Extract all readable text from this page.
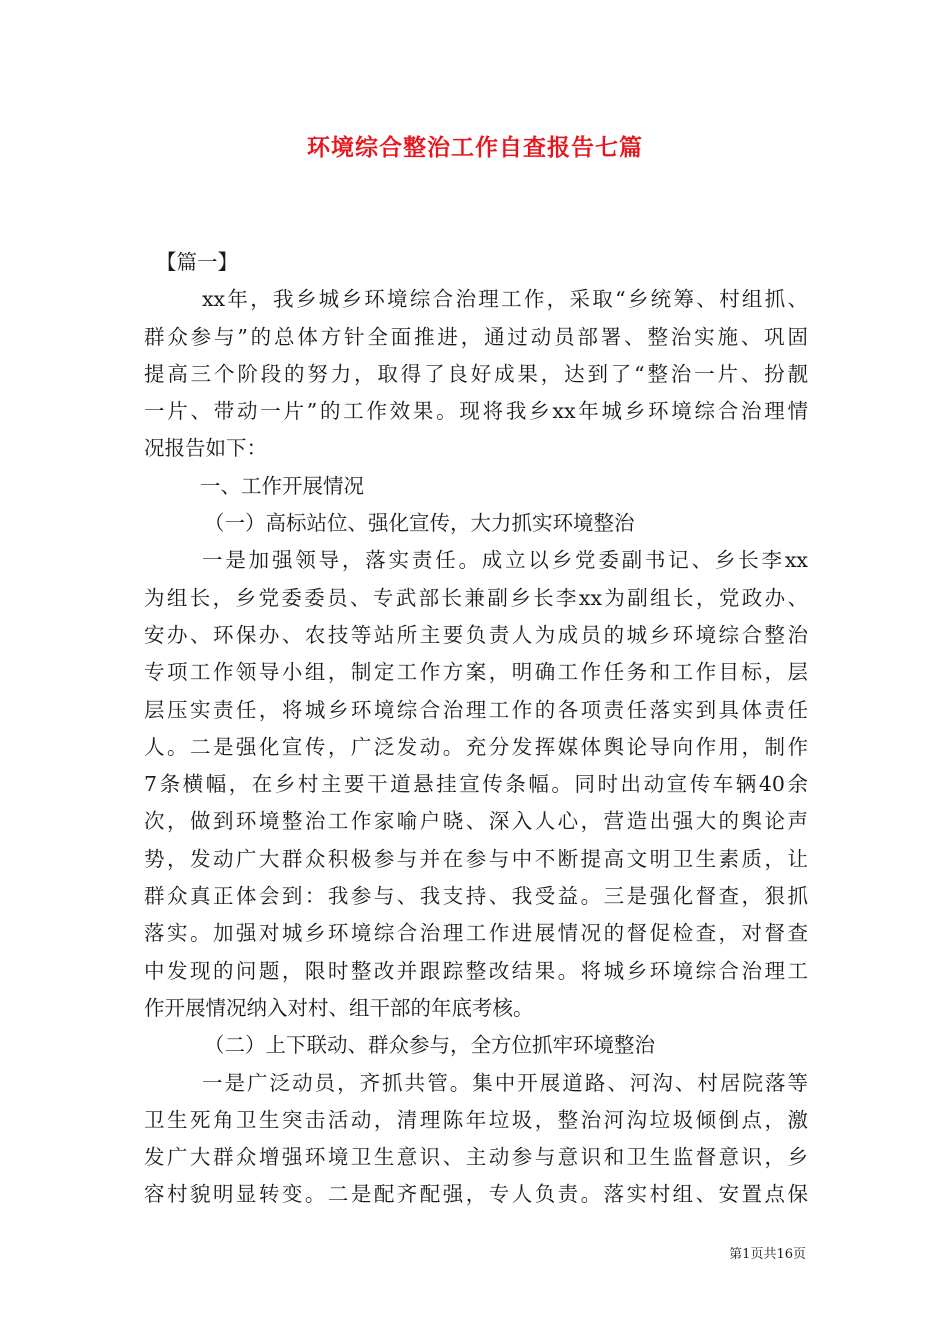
环境综合整治工作自查报告七篇
【篇一】
xx年，我乡城乡环境综合治理工作，采取“乡统筹、村组抓、
群众参与”的总体方针全面推进，通过动员部署、整治实施、巩固
提高三个阶段的努力，取得了良好成果，达到了“整治一片、扮靓
一片、带动一片”的工作效果。现将我乡xx年城乡环境综合治理情
况报告如下：
一、工作开展情况
（一）高标站位、强化宣传，大力抓实环境整治
一是加强领导，落实责任。成立以乡党委副书记、乡长李xx
为组长，乡党委委员、专武部长兼副乡长李xx为副组长，党政办、
安办、环保办、农技等站所主要负责人为成员的城乡环境综合整治
专项工作领导小组，制定工作方案，明确工作任务和工作目标，层
层压实责任，将城乡环境综合治理工作的各项责任落实到具体责任
人。二是强化宣传，广泛发动。充分发挥媒体舆论导向作用，制作
7条横幅，在乡村主要干道悬挂宣传条幅。同时出动宣传车辆40余
次，做到环境整治工作家喻户晓、深入人心，营造出强大的舆论声
势，发动广大群众积极参与并在参与中不断提高文明卫生素质，让
群众真正体会到：我参与、我支持、我受益。三是强化督查，狠抓
落实。加强对城乡环境综合治理工作进展情况的督促检查，对督查
中发现的问题，限时整改并跟踪整改结果。将城乡环境综合治理工
作开展情况纳入对村、组干部的年底考核。
（二）上下联动、群众参与，全方位抓牢环境整治
一是广泛动员，齐抓共管。集中开展道路、河沟、村居院落等
卫生死角卫生突击活动，清理陈年垃圾，整治河沟垃圾倾倒点，激
发广大群众增强环境卫生意识、主动参与意识和卫生监督意识，乡
容村貌明显转变。二是配齐配强，专人负责。落实村组、安置点保
第1页共16页
